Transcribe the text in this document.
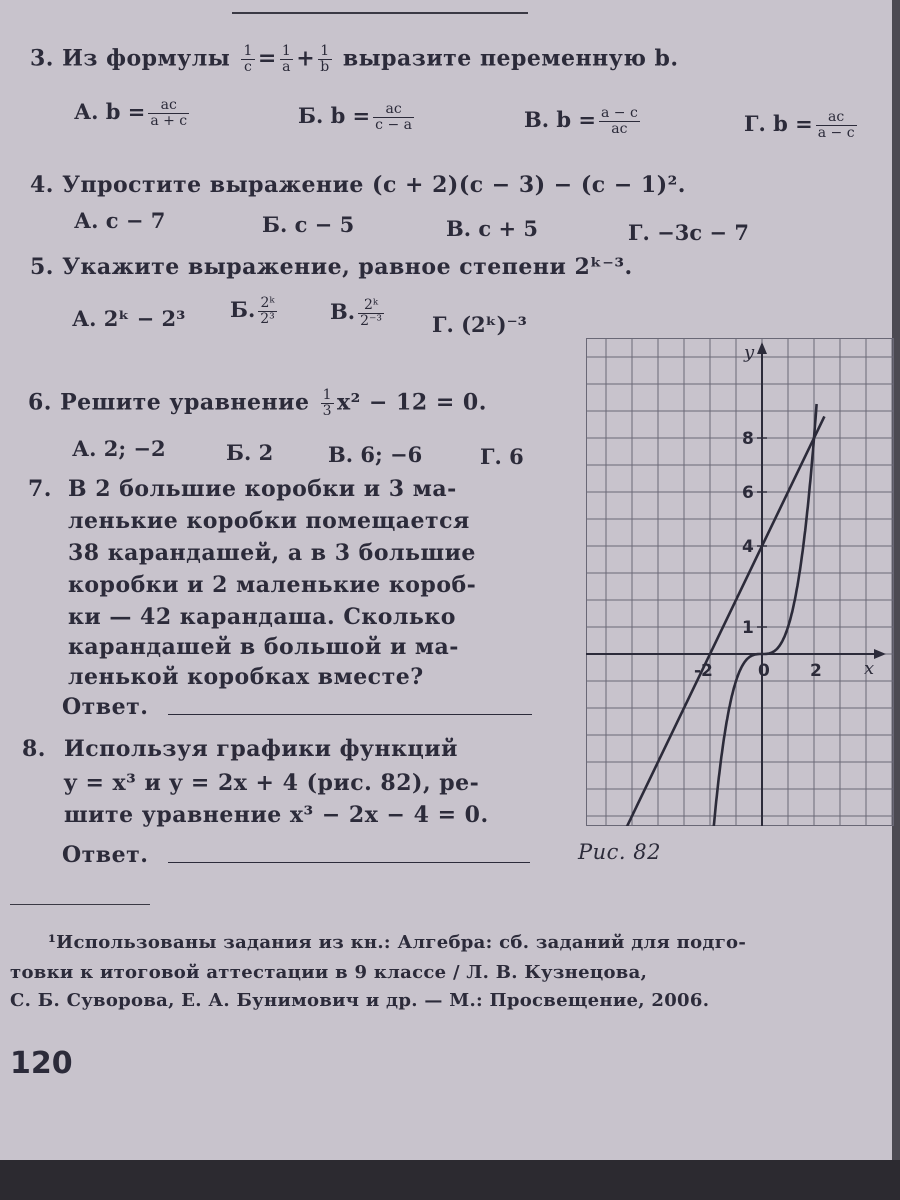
3. Из формулы $\frac{1}{c} = \frac{1}{a} + \frac{1}{b}$ выразите переменную b.
А. $b = \frac{ac}{a + c}$	Б. $b = \frac{ac}{c - a}$	В. $b = \frac{a - c}{ac}$	Г. $b = \frac{ac}{a - c}$
4. Упростите выражение (c + 2)(c − 3) − (c − 1)².
А. c − 7	Б. c − 5	В. c + 5	Г. −3c − 7
5. Укажите выражение, равное степени 2ᵏ⁻³.
А. 2ᵏ − 2³ Б. $\frac{\text{2ᵏ}}{\text{2³}}$	В. $\frac{\text{2ᵏ}}{\text{2⁻³}} Г$. (2ᵏ)⁻³
6. Решите уравнение $\frac{1}{3} x^2 - 12 = 0$.
А. 2; −2	Б. 2	В. 6; −6	Г. 6
7. В 2 большие коробки и 3 ма-
ленькие коробки помещается
38 карандашей, а в 3 большие
коробки и 2 маленькие короб-
ки — 42 карандаша. Сколько
карандашей в большой и ма-
ленькой коробках вместе?
Ответ.
8. Используя графики функций
y = x³ и y = 2x + 4 (рис. 82), ре-
шите уравнение x³ − 2x − 4 = 0.
Ответ.
8
6
4
1
-2	0 2
y
x
Рис. 82
¹Использованы задания из кн.: Алгебра: сб. заданий для подго-
товки к итоговой аттестации в 9 классе / Л. В. Кузнецова,
С. Б. Суворова, Е. А. Бунимович и др. — М.: Просвещение, 2006.
120
